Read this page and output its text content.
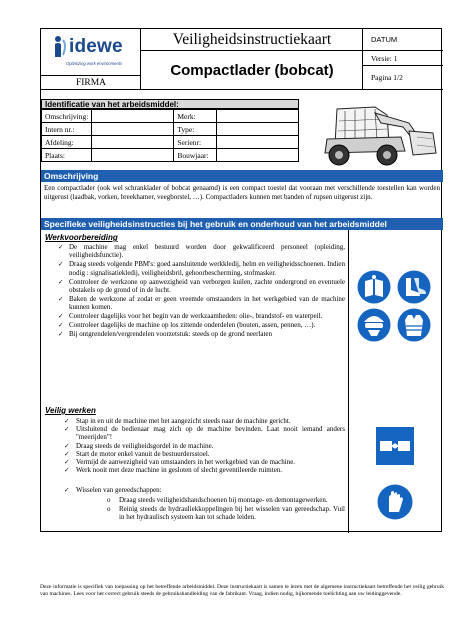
idewe
Optimizing work environments
FIRMA
Veiligheidsinstructiekaart
Compactlader (bobcat)
DATUM
Versie: 1
Pagina 1/2
Identificatie van het arbeidsmiddel:
Omschrijving:		Merk:	
Intern nr.:		Type:	
Afdeling:		Serienr:	
Plaats:		Bouwjaar:	
Omschrijving
Een compactlader (ook wel schranklader of bobcat genaamd) is een compact toestel dat vooraan met verschillende toestellen kan worden uitgerust (laadbak, vorken, breekhamer, veegborstel, …). Compactladers kunnen met banden of rupsen uitgerust zijn.
Specifieke veiligheidsinstructies bij het gebruik en onderhoud van het arbeidsmiddel
Werkvoorbereiding
✓ De machine mag enkel bestuurd worden door gekwalificeerd personeel (opleiding, veiligheidsfunctie).
✓ Draag steeds volgende PBM's: goed aansluitende werkkledij, helm en veiligheidsschoenen. Indien nodig : signalisatiekledij, veiligheidsbril, gehoorbescherming, stofmasker.
✓ Controleer de werkzone op aanwezigheid van verborgen kuilen, zachte ondergrond en eventuele obstakels op de grond of in de lucht.
✓ Baken de werkzone af zodat er geen vreemde omstaanders in het werkgebied van de machine kunnen komen.
✓ Controleer dagelijks voor het begin van de werkzaamheden: olie-, brandstof- en waterpeil.
✓ Controleer dagelijks de machine op los zittende onderdelen (bouten, assen, pennen, …).
✓ Bij ontgrendelen/vergrendelen voorzetstuk: steeds op de grond neerlaten
Veilig werken
✓ Stap in en uit de machine met het aangezicht steeds naar de machine gericht.
✓ Uitsluitend de bedienaar mag zich op de machine bevinden. Laat nooit iemand anders "meerijden"!
✓ Draag steeds de veiligheidsgordel in de machine.
✓ Start de motor enkel vanuit de bestuurdersstoel.
✓ Vermijd de aanwezigheid van omstaanders in het werkgebied van de machine.
✓ Werk nooit met deze machine in gesloten of slecht geventileerde ruimten.
✓ Wisselen van gereedschappen:
o Draag steeds veiligheidshandschoenen bij montage- en demontagewerken.
o Reinig steeds de hydrauliekkoppelingen bij het wisselen van gereedschap. Vuil in het hydraulisch systeem kan tot schade leiden.
Deze informatie is specifiek van toepassing op het betreffende arbeidsmiddel. Deze instructiekaart is samen te lezen met de algemene instructiekaart betreffende het veilig gebruik van machines. Lees voor het correct gebruik steeds de gebruikshandleiding van de fabrikant. Vraag, indien nodig, bijkomende toelichting aan uw leidinggevende.
